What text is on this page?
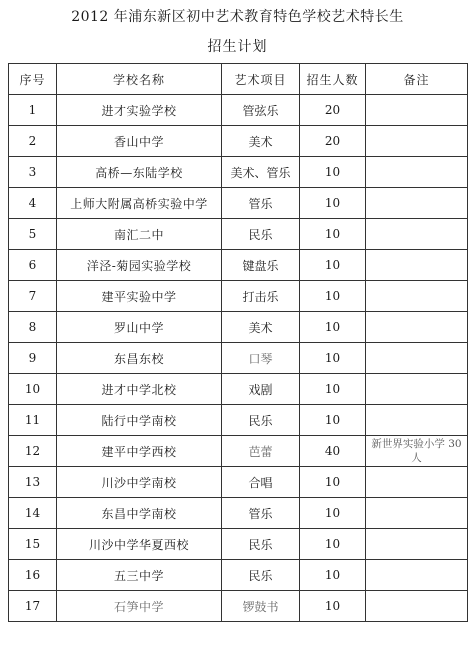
2012 年浦东新区初中艺术教育特色学校艺术特长生
招生计划
序号	学校名称	艺术项目	招生人数	备注
1	进才实验学校	管弦乐	20	
2	香山中学	美术	20	
3	高桥—东陆学校	美术、管乐	10	
4	上师大附属高桥实验中学	管乐	10	
5	南汇二中	民乐	10	
6	洋泾-菊园实验学校	键盘乐	10	
7	建平实验中学	打击乐	10	
8	罗山中学	美术	10	
9	东昌东校	口琴	10	
10	进才中学北校	戏剧	10	
11	陆行中学南校	民乐	10	
12	建平中学西校	芭蕾	40	新世界实验小学 30 人
13	川沙中学南校	合唱	10	
14	东昌中学南校	管乐	10	
15	川沙中学华夏西校	民乐	10	
16	五三中学	民乐	10	
17	石笋中学	锣鼓书	10	
